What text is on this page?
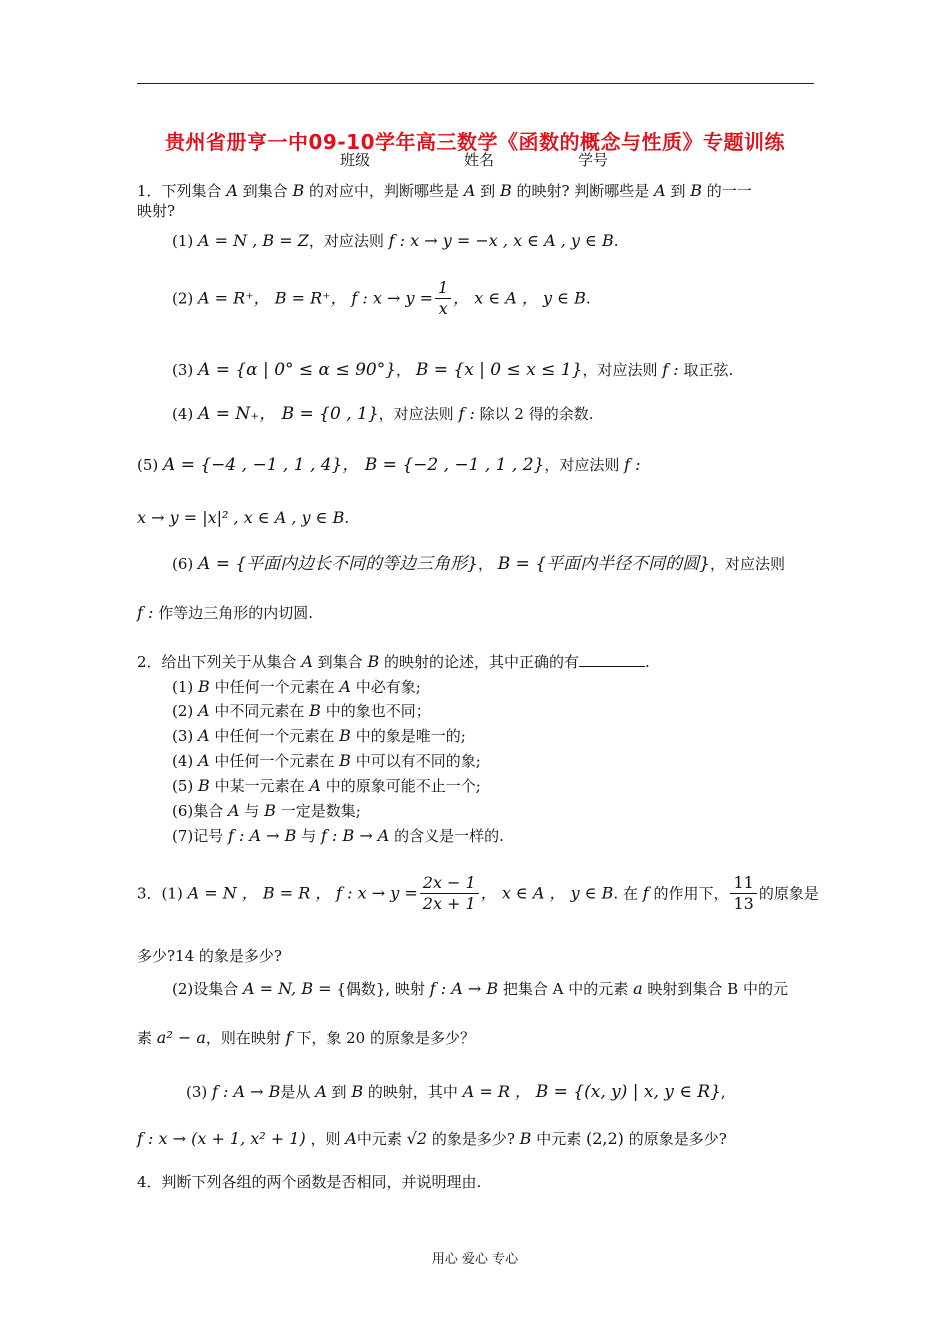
贵州省册亨一中09-10学年高三数学《函数的概念与性质》专题训练
班级	姓名	学号
1．下列集合 A 到集合 B 的对应中，判断哪些是 A 到 B 的映射? 判断哪些是 A 到 B 的一一
映射?
(1) A = N , B = Z，对应法则 f : x → y = −x , x ∈ A , y ∈ B.
(2) A = R⁺， B = R⁺， f : $x \to y = \frac{1}{x}$ ， x ∈ A ， y ∈ B.
(3) A = {α | 0° ≤ α ≤ 90°}， B = {x | 0 ≤ x ≤ 1}，对应法则 f : 取正弦.
(4) A = N₊， B = {0 , 1}，对应法则 f : 除以 2 得的余数.
(5) A = {−4 , −1 , 1 , 4}， B = {−2 , −1 , 1 , 2}，对应法则 f :
x → y = |x|² , x ∈ A , y ∈ B.
(6) A = {平面内边长不同的等边三角形}， B = {平面内半径不同的圆}，对应法则
f : 作等边三角形的内切圆.
2．给出下列关于从集合 A 到集合 B 的映射的论述，其中正确的有	.
(1) B 中任何一个元素在 A 中必有象;
(2) A 中不同元素在 B 中的象也不同；
(3) A 中任何一个元素在 B 中的象是唯一的;
(4) A 中任何一个元素在 B 中可以有不同的象;
(5) B 中某一元素在 A 中的原象可能不止一个;
(6)集合 A 与 B 一定是数集;
(7)记号 f : A → B 与 f : B → A 的含义是一样的.
3．(1) A = N ， B = R ， f : $x \to y = \frac{2x - 1}{2x + 1}$ ， x ∈ A ， y ∈ B. 在 f 的作用下， $\frac{11}{13}$ 的原象是
多少?14 的象是多少?
(2)设集合 A = N, B = {偶数}, 映射 f : A → B 把集合 A 中的元素 a 映射到集合 B 中的元
素 a² − a，则在映射 f 下，象 20 的原象是多少？
(3) f : A → B是从 A 到 B 的映射，其中 A = R ， B = {(x, y) | x, y ∈ R},
f : x → (x + 1, x² + 1) ，则 A中元素 √2 的象是多少? B 中元素 (2,2) 的原象是多少?
4．判断下列各组的两个函数是否相同，并说明理由.
用心 爱心 专心
